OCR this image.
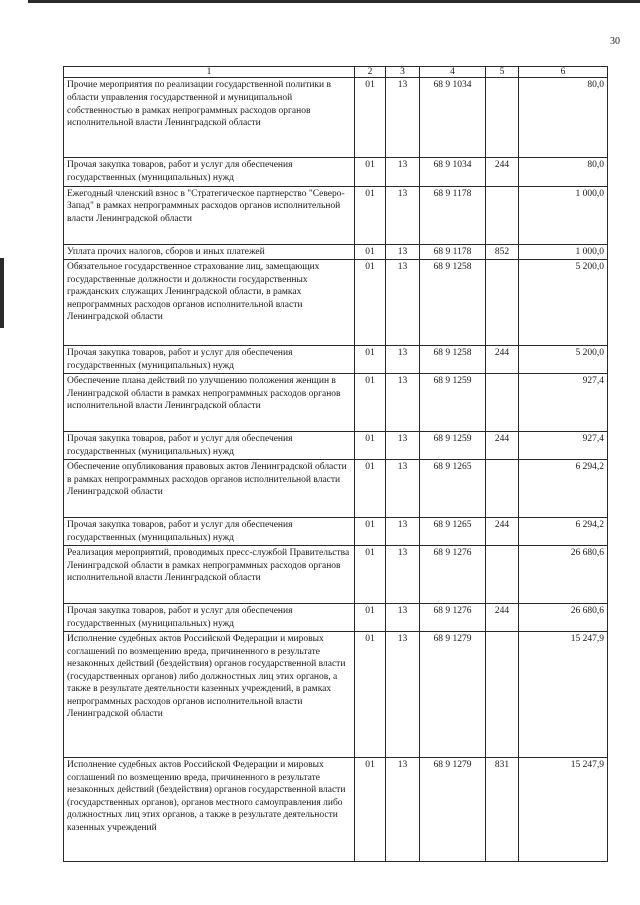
30
1	2	3	4	5	6
Прочие мероприятия по реализации государственной политики в области управления государственной и муниципальной собственностью в рамках непрограммных расходов органов исполнительной власти Ленинградской области	01	13	68 9 1034		80,0
Прочая закупка товаров, работ и услуг для обеспечения государственных (муниципальных) нужд	01	13	68 9 1034	244	80,0
Ежегодный членский взнос в "Стратегическое партнерство "Северо-Запад" в рамках непрограммных расходов органов исполнительной власти Ленинградской области	01	13	68 9 1178		1 000,0
Уплата прочих налогов, сборов и иных платежей	01	13	68 9 1178	852	1 000,0
Обязательное государственное страхование лиц, замещающих государственные должности и должности государственных гражданских служащих Ленинградской области, в рамках непрограммных расходов органов исполнительной власти Ленинградской области	01	13	68 9 1258		5 200,0
Прочая закупка товаров, работ и услуг для обеспечения государственных (муниципальных) нужд	01	13	68 9 1258	244	5 200,0
Обеспечение плана действий по улучшению положения женщин в Ленинградской области в рамках непрограммных расходов органов исполнительной власти Ленинградской области	01	13	68 9 1259		927,4
Прочая закупка товаров, работ и услуг для обеспечения государственных (муниципальных) нужд	01	13	68 9 1259	244	927,4
Обеспечение опубликования правовых актов Ленинградской области в рамках непрограммных расходов органов исполнительной власти Ленинградской области	01	13	68 9 1265		6 294,2
Прочая закупка товаров, работ и услуг для обеспечения государственных (муниципальных) нужд	01	13	68 9 1265	244	6 294,2
Реализация мероприятий, проводимых пресс-службой Правительства Ленинградской области в рамках непрограммных расходов органов исполнительной власти Ленинградской области	01	13	68 9 1276		26 680,6
Прочая закупка товаров, работ и услуг для обеспечения государственных (муниципальных) нужд	01	13	68 9 1276	244	26 680,6
Исполнение судебных актов Российской Федерации и мировых соглашений по возмещению вреда, причиненного в результате незаконных действий (бездействия) органов государственной власти (государственных органов) либо должностных лиц этих органов, а также в результате деятельности казенных учреждений, в рамках непрограммных расходов органов исполнительной власти Ленинградской области	01	13	68 9 1279		15 247,9
Исполнение судебных актов Российской Федерации и мировых соглашений по возмещению вреда, причиненного в результате незаконных действий (бездействия) органов государственной власти (государственных органов), органов местного самоуправления либо должностных лиц этих органов, а также в результате деятельности казенных учреждений	01	13	68 9 1279	831	15 247,9
